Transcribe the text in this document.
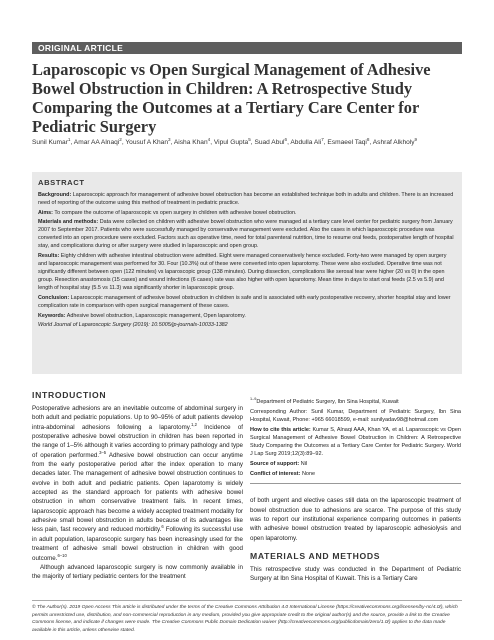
ORIGINAL ARTICLE
Laparoscopic vs Open Surgical Management of Adhesive Bowel Obstruction in Children: A Retrospective Study Comparing the Outcomes at a Tertiary Care Center for Pediatric Surgery
Sunil Kumar$^1$, Amar AA Alnaqi$^2$, Yousuf A Khan$^3$, Aisha Khan$^4$, Vipul Gupta$^5$, Suad Abul$^6$, Abdulla Ali$^7$, Esmaeel Taqi$^8$, Ashraf Alkholy$^9$
ABSTRACT

Background: Laparoscopic approach for management of adhesive bowel obstruction has become an established technique both in adults and children. There is an increased need of reporting of the outcome using this method of treatment in pediatric practice.

Aims: To compare the outcome of laparoscopic vs open surgery in children with adhesive bowel obstruction.

Materials and methods: Data were collected on children with adhesive bowel obstruction who were managed at a tertiary care level center for pediatric surgery from January 2007 to September 2017. Patients who were successfully managed by conservative management were excluded. Also the cases in which laparoscopic procedure was converted into an open procedure were excluded. Factors such as operative time, need for total parenteral nutrition, time to resume oral feeds, postoperative length of hospital stay, and complications during or after surgery were studied in laparoscopic and open group.

Results: Eighty children with adhesive intestinal obstruction were admitted. Eight were managed conservatively hence excluded. Forty-two were managed by open surgery and laparoscopic management was performed for 30. Four (10.3%) out of these were converted into open laparotomy. These were also excluded. Operative time was not significantly different between open (122 minutes) vs laparoscopic group (138 minutes). During dissection, complications like serosal tear were higher (20 vs 0) in the open group. Resection anastomosis (15 cases) and wound infections (6 cases) rate was also higher with open laparotomy. Mean time in days to start oral feeds (2.5 vs 5.9) and length of hospital stay (5.5 vs 11.3) was significantly shorter in laparoscopic group.

Conclusion: Laparoscopic management of adhesive bowel obstruction in children is safe and is associated with early postoperative recovery, shorter hospital stay and lower complication rate in comparison with open surgical management of these cases.

Keywords: Adhesive bowel obstruction, Laparoscopic management, Open laparotomy.

World Journal of Laparoscopic Surgery (2019): 10.5005/jp-journals-10033-1382

INTRODUCTION

Postoperative adhesions are an inevitable outcome of abdominal surgery in both adult and pediatric populations. Up to 90–95% of adult patients develop intra-abdominal adhesions following a laparotomy.$^{1,2}$ Incidence of postoperative adhesive bowel obstruction in children has been reported in the range of 1–5% although it varies according to primary pathology and type of operation performed.$^{3-5}$ Adhesive bowel obstruction can occur anytime from the early postoperative period after the index operation to many decades later. The management of adhesive bowel obstruction continues to evolve in both adult and pediatric patients. Open laparotomy is widely accepted as the standard approach for patients with adhesive bowel obstruction in whom conservative treatment fails. In recent times, laparoscopic approach has become a widely accepted treatment modality for adhesive small bowel obstruction in adults because of its advantages like less pain, fast recovery and reduced morbidity.$^6$ Following its successful use in adult population, laparoscopic surgery has been increasingly used for the treatment of adhesive small bowel obstruction in children with good outcome.$^{6-10}$

Although advanced laparoscopic surgery is now commonly available in the majority of tertiary pediatric centers for the treatment

$^{1-9}$Department of Pediatric Surgery, Ibn Sina Hospital, Kuwait

Corresponding Author: Sunil Kumar, Department of Pediatric Surgery, Ibn Sina Hospital, Kuwait, Phone: +965 66018599, e-mail: sunilyadav98@hotmail.com

How to cite this article: Kumar S, Alnaqi AAA, Khan YA, et al. Laparoscopic vs Open Surgical Management of Adhesive Bowel Obstruction in Children: A Retrospective Study Comparing the Outcomes at a Tertiary Care Center for Pediatric Surgery. World J Lap Surg 2019;12(3):89–92.

Source of support: Nil

Conflict of interest: None

of both urgent and elective cases still data on the laparoscopic treatment of bowel obstruction due to adhesions are scarce. The purpose of this study was to report our institutional experience comparing outcomes in patients with adhesive bowel obstruction treated by laparoscopic adhesiolysis and open laparotomy.

MATERIALS AND METHODS

This retrospective study was conducted in the Department of Pediatric Surgery at Ibn Sina Hospital of Kuwait. This is a Tertiary Care

© The Author(s). 2019 Open Access This article is distributed under the terms of the Creative Commons Attribution 4.0 International License (https://creativecommons.org/licenses/by-nc/4.0/), which permits unrestricted use, distribution, and non-commercial reproduction in any medium, provided you give appropriate credit to the original author(s) and the source, provide a link to the Creative Commons license, and indicate if changes were made. The Creative Commons Public Domain Dedication waiver (http://creativecommons.org/publicdomain/zero/1.0/) applies to the data made available in this article, unless otherwise stated.
